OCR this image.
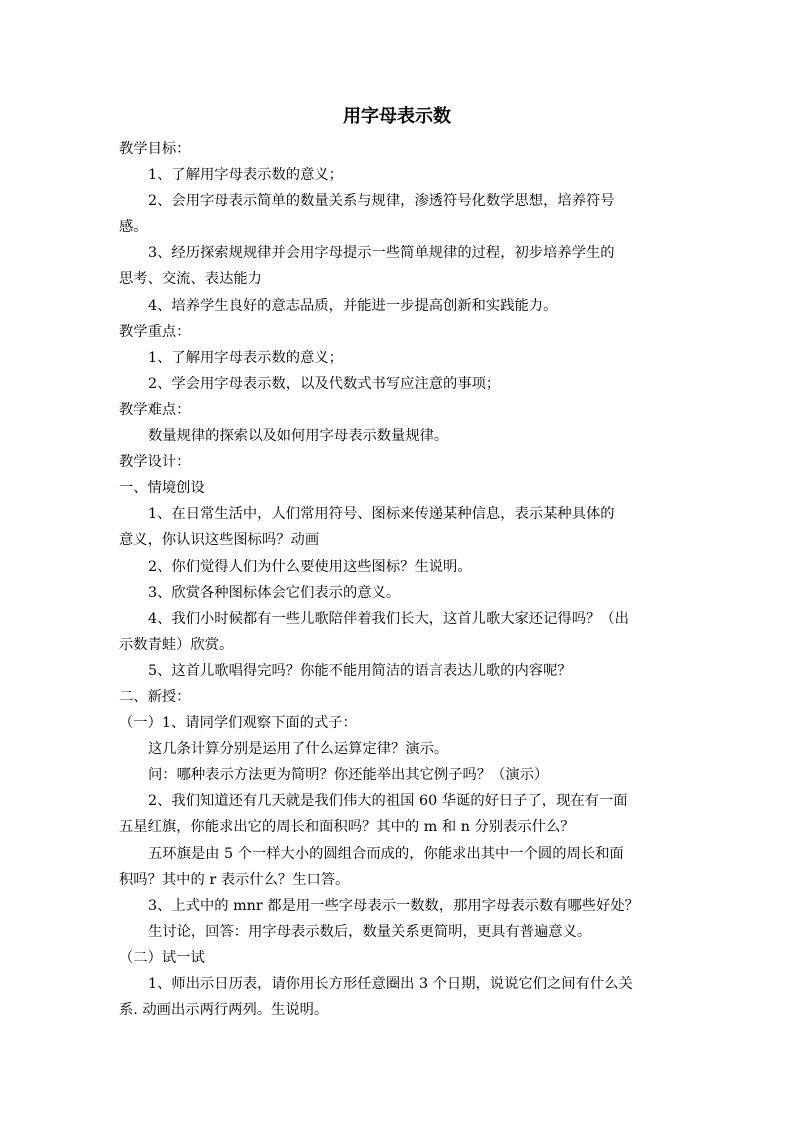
用字母表示数
教学目标：
1、了解用字母表示数的意义；
2、会用字母表示简单的数量关系与规律，渗透符号化数学思想，培养符号
感。
3、经历探索规规律并会用字母提示一些简单规律的过程，初步培养学生的
思考、交流、表达能力
4、培养学生良好的意志品质，并能进一步提高创新和实践能力。
教学重点：
1、了解用字母表示数的意义；
2、学会用字母表示数，以及代数式书写应注意的事项；
教学难点：
数量规律的探索以及如何用字母表示数量规律。
教学设计：
一、情境创设
1、在日常生活中，人们常用符号、图标来传递某种信息，表示某种具体的
意义，你认识这些图标吗？动画
2、你们觉得人们为什么要使用这些图标？生说明。
3、欣赏各种图标体会它们表示的意义。
4、我们小时候都有一些儿歌陪伴着我们长大，这首儿歌大家还记得吗？（出
示数青蛙）欣赏。
5、这首儿歌唱得完吗？你能不能用简洁的语言表达儿歌的内容呢？
二、新授：
（一）1、请同学们观察下面的式子：
这几条计算分别是运用了什么运算定律？演示。
问：哪种表示方法更为简明？你还能举出其它例子吗？（演示）
2、我们知道还有几天就是我们伟大的祖国 60 华诞的好日子了，现在有一面
五星红旗，你能求出它的周长和面积吗？其中的 m 和 n 分别表示什么？
五环旗是由 5 个一样大小的圆组合而成的，你能求出其中一个圆的周长和面
积吗？其中的 r 表示什么？生口答。
3、上式中的 mnr 都是用一些字母表示一数数，那用字母表示数有哪些好处？
生讨论，回答：用字母表示数后，数量关系更简明，更具有普遍意义。
（二）试一试
1、师出示日历表，请你用长方形任意圈出 3 个日期，说说它们之间有什么关
系. 动画出示两行两列。生说明。
